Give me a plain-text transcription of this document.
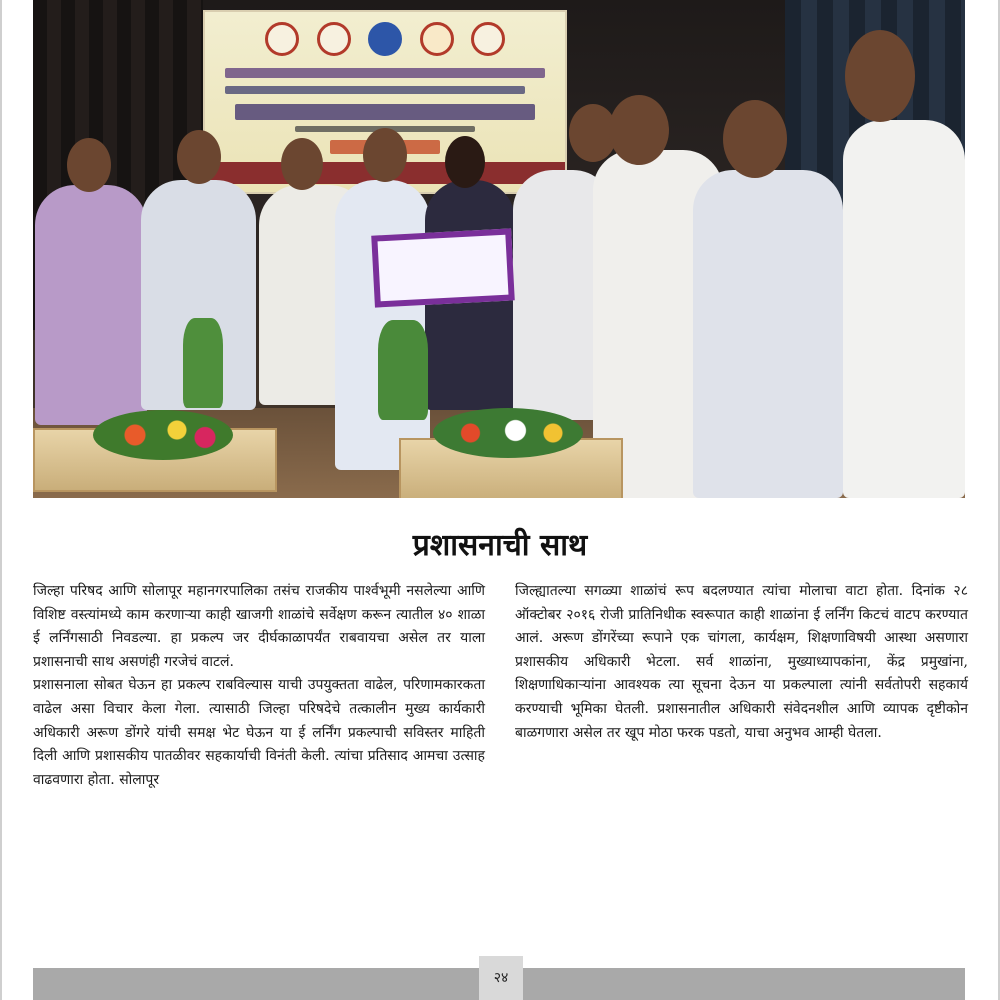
प्रशासनाची साथ

जिल्हा परिषद आणि सोलापूर महानगरपालिका तसंच राजकीय पार्श्वभूमी नसलेल्या आणि विशिष्ट वस्त्यांमध्ये काम करणाऱ्या काही खाजगी शाळांचे सर्वेक्षण करून त्यातील ४० शाळा ई लर्निंगसाठी निवडल्या. हा प्रकल्प जर दीर्घकाळापर्यंत राबवायचा असेल तर याला प्रशासनाची साथ असणंही गरजेचं वाटलं.

प्रशासनाला सोबत घेऊन हा प्रकल्प राबविल्यास याची उपयुक्तता वाढेल, परिणामकारकता वाढेल असा विचार केला गेला. त्यासाठी जिल्हा परिषदेचे तत्कालीन मुख्य कार्यकारी अधिकारी अरूण डोंगरे यांची समक्ष भेट घेऊन या ई लर्निंग प्रकल्पाची सविस्तर माहिती दिली आणि प्रशासकीय पातळीवर सहकार्याची विनंती केली. त्यांचा प्रतिसाद आमचा उत्साह वाढवणारा होता. सोलापूर

जिल्ह्यातल्या सगळ्या शाळांचं रूप बदलण्यात त्यांचा मोलाचा वाटा होता. दिनांक २८ ऑक्टोबर २०१६ रोजी प्रातिनिधीक स्वरूपात काही शाळांना ई लर्निंग किटचं वाटप करण्यात आलं. अरूण डोंगरेंच्या रूपाने एक चांगला, कार्यक्षम, शिक्षणाविषयी आस्था असणारा प्रशासकीय अधिकारी भेटला. सर्व शाळांना, मुख्याध्यापकांना, केंद्र प्रमुखांना, शिक्षणाधिकाऱ्यांना आवश्यक त्या सूचना देऊन या प्रकल्पाला त्यांनी सर्वतोपरी सहकार्य करण्याची भूमिका घेतली. प्रशासनातील अधिकारी संवेदनशील आणि व्यापक दृष्टीकोन बाळगणारा असेल तर खूप मोठा फरक पडतो, याचा अनुभव आम्ही घेतला.

२४
